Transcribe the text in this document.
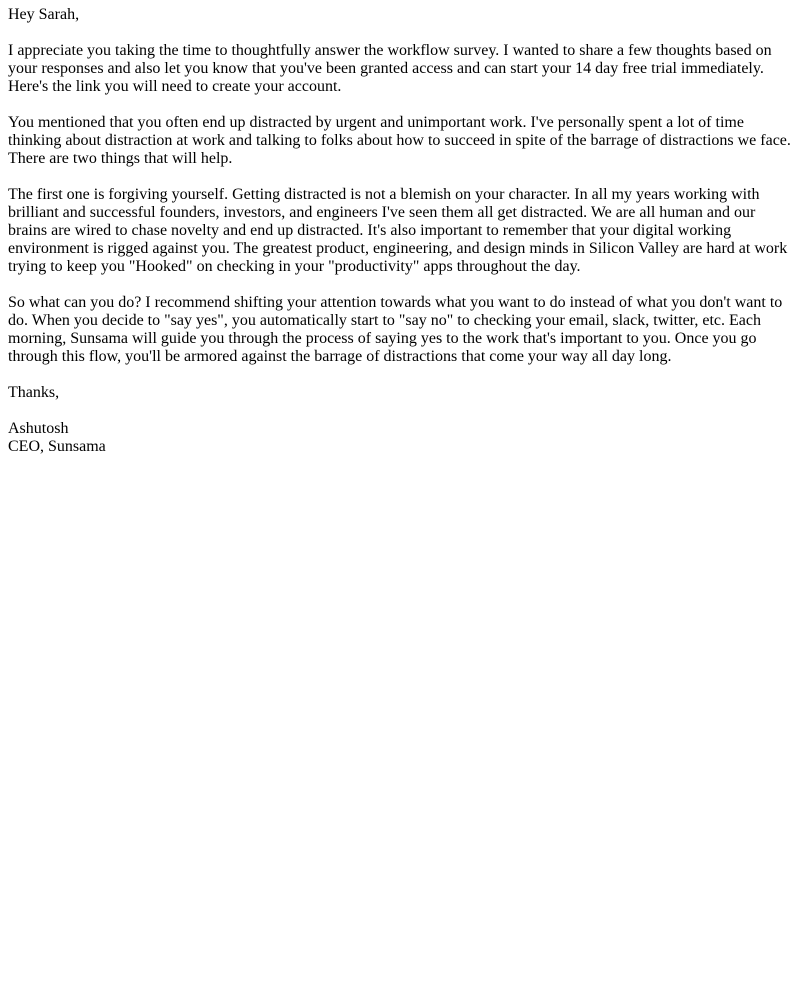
Hey Sarah,

I appreciate you taking the time to thoughtfully answer the workflow survey. I wanted to share a few thoughts based on your responses and also let you know that you've been granted access and can start your 14 day free trial immediately. Here's the link you will need to create your account.

You mentioned that you often end up distracted by urgent and unimportant work. I've personally spent a lot of time thinking about distraction at work and talking to folks about how to succeed in spite of the barrage of distractions we face. There are two things that will help.

The first one is forgiving yourself. Getting distracted is not a blemish on your character. In all my years working with brilliant and successful founders, investors, and engineers I've seen them all get distracted. We are all human and our brains are wired to chase novelty and end up distracted. It's also important to remember that your digital working environment is rigged against you. The greatest product, engineering, and design minds in Silicon Valley are hard at work trying to keep you "Hooked" on checking in your "productivity" apps throughout the day.

So what can you do? I recommend shifting your attention towards what you want to do instead of what you don't want to do. When you decide to "say yes", you automatically start to "say no" to checking your email, slack, twitter, etc. Each morning, Sunsama will guide you through the process of saying yes to the work that's important to you. Once you go through this flow, you'll be armored against the barrage of distractions that come your way all day long.

Thanks,

Ashutosh
CEO, Sunsama
